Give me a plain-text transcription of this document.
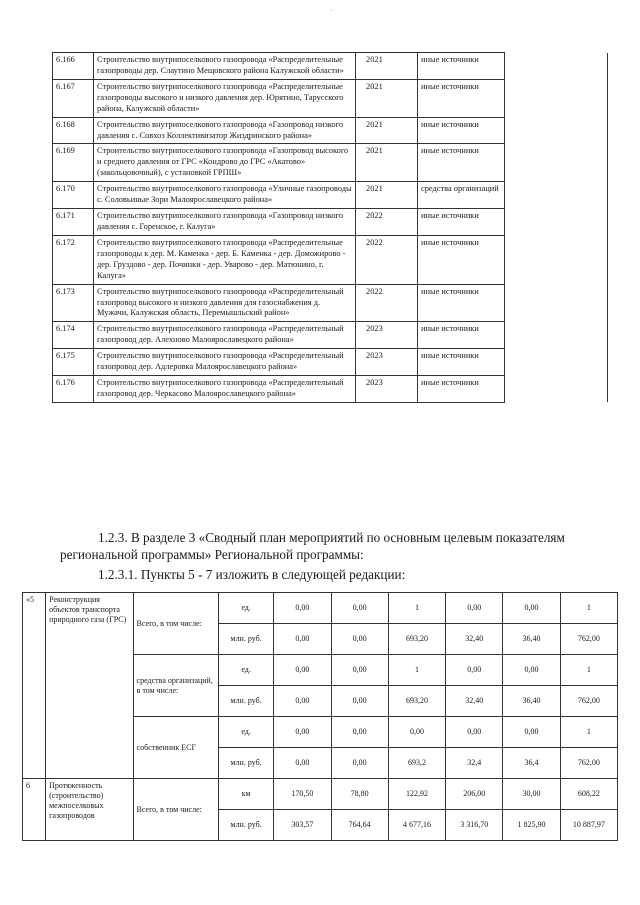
·
6.166	Строительство внутрипоселкового газопровода «Распределительные газопроводы дер. Слаутино Мещовского района Калужской области»	2021	иные источники	
6.167	Строительство внутрипоселкового газопровода «Распределительные газопроводы высокого и низкого давления дер. Юрятино, Тарусского района, Калужской области»	2021	иные источники	
6.168	Строительство внутрипоселкового газопровода «Газопровод низкого давления с. Совхоз Коллективизатор Жиздринского района»	2021	иные источники	
6.169	Строительство внутрипоселкового газопровода «Газопровод высокого и среднего давления от ГРС «Кондрово до ГРС «Акатово» (закольцовочный), с установкой ГРПШ»	2021	иные источники	
6.170	Строительство внутрипоселкового газопровода «Уличные газопроводы с. Соловьиные Зори Малоярославецкого района»	2021	средства организаций	
6.171	Строительство внутрипоселкового газопровода «Газопровод низкого давления с. Горенское, г. Калуга»	2022	иные источники	
6.172	Строительство внутрипоселкового газопровода «Распределительные газопроводы к дер. М. Каменка - дер. Б. Каменка - дер. Доможирово - дер. Груздово - дер. Починки - дер. Уварово - дер. Матюнино, г. Калуга»	2022	иные источники	
6.173	Строительство внутрипоселкового газопровода «Распределительный газопровод высокого и низкого давления для газоснабжения д. Мужачи, Калужская область, Перемышльский район»	2022	иные источники	
6.174	Строительство внутрипоселкового газопровода «Распределительный газопровод дер. Алехново Малоярославецкого района»	2023	иные источники	
6.175	Строительство внутрипоселкового газопровода «Распределительный газопровод дер. Адлеровка Малоярославецкого района»	2023	иные источники	
6.176	Строительство внутрипоселкового газопровода «Распределительный газопровод дер. Черкасово Малоярославецкого района»	2023	иные источники	
1.2.3. В разделе 3 «Сводный план мероприятий по основным целевым показателям
региональной программы» Региональной программы:
1.2.3.1. Пункты 5 - 7 изложить в следующей редакции:
«5	Реконструкция объектов транспорта природного газа (ГРС)	Всего, в том числе:	ед.	0,00	0,00	1	0,00	0,00	1
			млн. руб.	0,00	0,00	693,20	32,40	36,40	762,00
		средства организаций, в том числе:	ед.	0,00	0,00	1	0,00	0,00	1
			млн. руб.	0,00	0,00	693,20	32,40	36,40	762,00
		собственник ЕСГ	ед.	0,00	0,00	0,00	0,00	0,00	1
			млн. руб.	0,00	0,00	693,2	32,4	36,4	762,00
6	Протяженность (строительство) межпоселковых газопроводов	Всего, в том числе:	км	170,50	78,80	122,92	206,00	30,00	608,22
			млн. руб.	303,57	764,64	4 677,16	3 316,70	1 825,90	10 887,97
